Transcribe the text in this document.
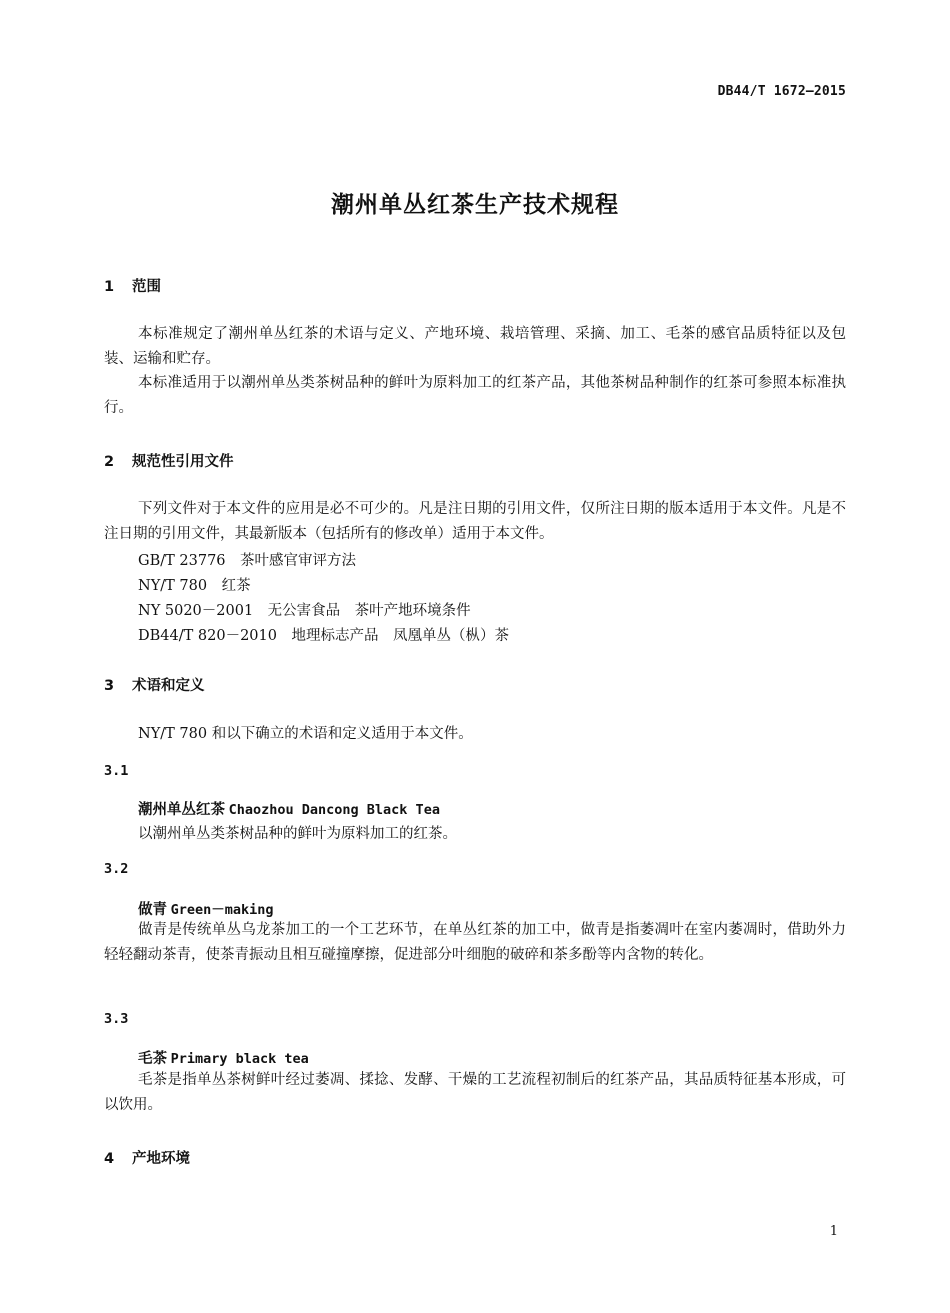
DB44/T 1672—2015
潮州单丛红茶生产技术规程
1 范围
本标准规定了潮州单丛红茶的术语与定义、产地环境、栽培管理、采摘、加工、毛茶的感官品质特征以及包装、运输和贮存。
本标准适用于以潮州单丛类茶树品种的鲜叶为原料加工的红茶产品，其他茶树品种制作的红茶可参照本标准执行。
2 规范性引用文件
下列文件对于本文件的应用是必不可少的。凡是注日期的引用文件，仅所注日期的版本适用于本文件。凡是不注日期的引用文件，其最新版本（包括所有的修改单）适用于本文件。
GB/T 23776　茶叶感官审评方法
NY/T 780　红茶
NY 5020－2001　无公害食品　茶叶产地环境条件
DB44/T 820－2010　地理标志产品　凤凰单丛（枞）茶
3 术语和定义
NY/T 780 和以下确立的术语和定义适用于本文件。
3.1
潮州单丛红茶 Chaozhou Dancong Black Tea
以潮州单丛类茶树品种的鲜叶为原料加工的红茶。
3.2
做青 Green－making
做青是传统单丛乌龙茶加工的一个工艺环节，在单丛红茶的加工中，做青是指萎凋叶在室内萎凋时，借助外力轻轻翻动茶青，使茶青振动且相互碰撞摩擦，促进部分叶细胞的破碎和茶多酚等内含物的转化。
3.3
毛茶 Primary black tea
毛茶是指单丛茶树鲜叶经过萎凋、揉捻、发酵、干燥的工艺流程初制后的红茶产品，其品质特征基本形成，可以饮用。
4 产地环境
1
